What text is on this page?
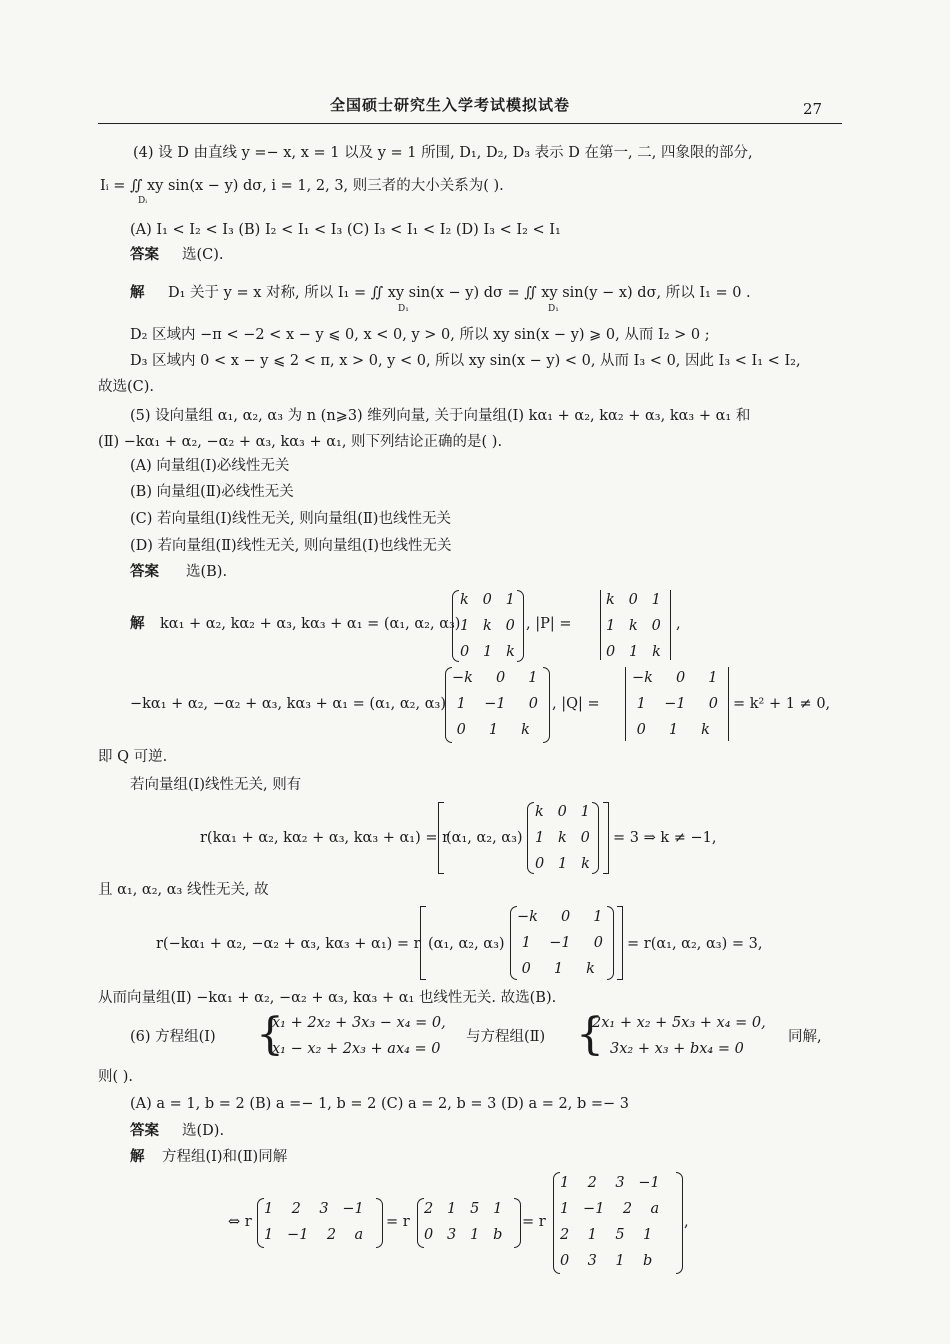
全国硕士研究生入学考试模拟试卷	27
(4) 设 D 由直线 y =− x, x = 1 以及 y = 1 所围, D₁, D₂, D₃ 表示 D 在第一, 二, 四象限的部分,
Iᵢ = ∬ xy sin(x − y) dσ, i = 1, 2, 3, 则三者的大小关系为( ).
Dᵢ
(A) I₁ < I₂ < I₃ (B) I₂ < I₁ < I₃ (C) I₃ < I₁ < I₂ (D) I₃ < I₂ < I₁
答案 选(C).
解 D₁ 关于 y = x 对称, 所以 I₁ = ∬ xy sin(x − y) dσ = ∬ xy sin(y − x) dσ, 所以 I₁ = 0 .
D₁	D₁
D₂ 区域内 −π < −2 < x − y ⩽ 0, x < 0, y > 0, 所以 xy sin(x − y) ⩾ 0, 从而 I₂ > 0 ;
D₃ 区域内 0 < x − y ⩽ 2 < π, x > 0, y < 0, 所以 xy sin(x − y) < 0, 从而 I₃ < 0, 因此 I₃ < I₁ < I₂,
故选(C).
(5) 设向量组 α₁, α₂, α₃ 为 n (n⩾3) 维列向量, 关于向量组(Ⅰ) kα₁ + α₂, kα₂ + α₃, kα₃ + α₁ 和
(Ⅱ) −kα₁ + α₂, −α₂ + α₃, kα₃ + α₁, 则下列结论正确的是( ).
(A) 向量组(Ⅰ)必线性无关
(B) 向量组(Ⅱ)必线性无关
(C) 若向量组(Ⅰ)线性无关, 则向量组(Ⅱ)也线性无关
(D) 若向量组(Ⅱ)线性无关, 则向量组(Ⅰ)也线性无关
答案 选(B).
解 kα₁ + α₂, kα₂ + α₃, kα₃ + α₁ = (α₁, α₂, α₃)
k   0   1
1   k   0
0   1   k
, |P| =
k   0   1
1   k   0
0   1   k
,
−kα₁ + α₂, −α₂ + α₃, kα₃ + α₁ = (α₁, α₂, α₃)
−k     0     1
1    −1     0
0     1     k
, |Q| =
−k     0     1
1    −1     0
0     1     k
= k² + 1 ≠ 0,
即 Q 可逆.
若向量组(Ⅰ)线性无关, 则有
r(kα₁ + α₂, kα₂ + α₃, kα₃ + α₁) = r
(α₁, α₂, α₃)
k   0   1
1   k   0
0   1   k
= 3 ⇒ k ≠ −1,
且 α₁, α₂, α₃ 线性无关, 故
r(−kα₁ + α₂, −α₂ + α₃, kα₃ + α₁) = r (α₁, α₂, α₃)
−k     0     1
1    −1     0
0     1     k
= r(α₁, α₂, α₃) = 3,
从而向量组(Ⅱ) −kα₁ + α₂, −α₂ + α₃, kα₃ + α₁ 也线性无关. 故选(B).
(6) 方程组(Ⅰ) {
x₁ + 2x₂ + 3x₃ − x₄ = 0,
x₁ − x₂ + 2x₃ + ax₄ = 0
与方程组(Ⅱ) {
2x₁ + x₂ + 5x₃ + x₄ = 0,
3x₂ + x₃ + bx₄ = 0
同解,
则( ).
(A) a = 1, b = 2 (B) a =− 1, b = 2 (C) a = 2, b = 3 (D) a = 2, b =− 3
答案 选(D).
解 方程组(Ⅰ)和(Ⅱ)同解
⇔ r
1    2    3   −1
1   −1    2    a
= r
2   1   5   1
0   3   1   b
= r
1    2    3   −1
1   −1    2    a
2    1    5    1
0    3    1    b
,
